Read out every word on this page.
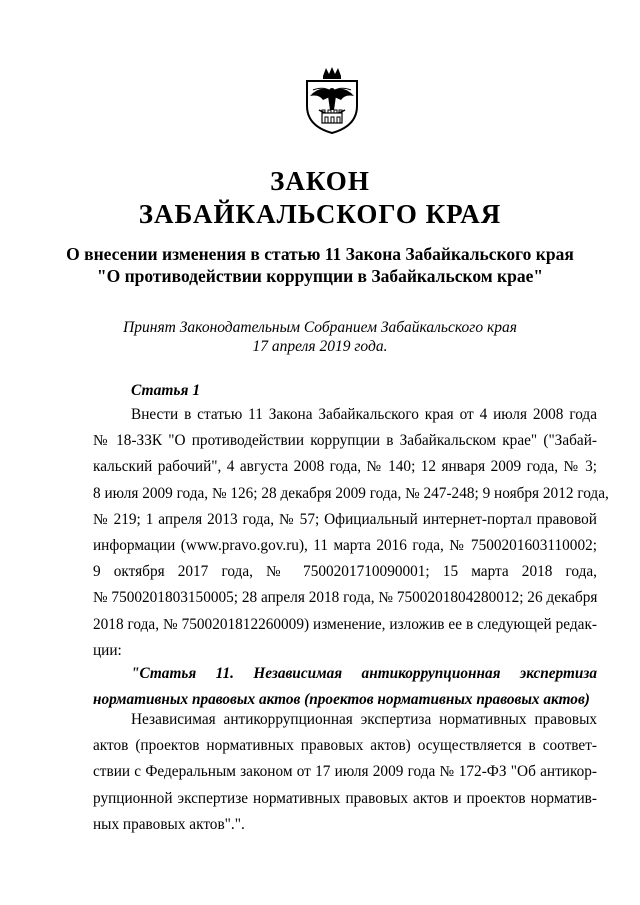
ЗАКОН
ЗАБАЙКАЛЬСКОГО КРАЯ
О внесении изменения в статью 11 Закона Забайкальского края
"О противодействии коррупции в Забайкальском крае"
Принят Законодательным Собранием Забайкальского края
17 апреля 2019 года.
Статья 1
Внести в статью 11 Закона Забайкальского края от 4 июля 2008 года
№ 18-ЗЗК "О противодействии коррупции в Забайкальском крае" ("Забай-
кальский рабочий", 4 августа 2008 года, № 140; 12 января 2009 года, № 3;
8 июля 2009 года, № 126; 28 декабря 2009 года, № 247-248; 9 ноября 2012 года,
№ 219; 1 апреля 2013 года, № 57; Официальный интернет-портал правовой
информации (www.pravo.gov.ru), 11 марта 2016 года, № 7500201603110002;
9 октября 2017 года, № 7500201710090001; 15 марта 2018 года,
№ 7500201803150005; 28 апреля 2018 года, № 7500201804280012; 26 декабря
2018 года, № 7500201812260009) изменение, изложив ее в следующей редак-
ции:
"Статья 11. Независимая антикоррупционная экспертиза
нормативных правовых актов (проектов нормативных правовых актов)
Независимая антикоррупционная экспертиза нормативных правовых
актов (проектов нормативных правовых актов) осуществляется в соответ-
ствии с Федеральным законом от 17 июля 2009 года № 172-ФЗ "Об антикор-
рупционной экспертизе нормативных правовых актов и проектов норматив-
ных правовых актов".".
